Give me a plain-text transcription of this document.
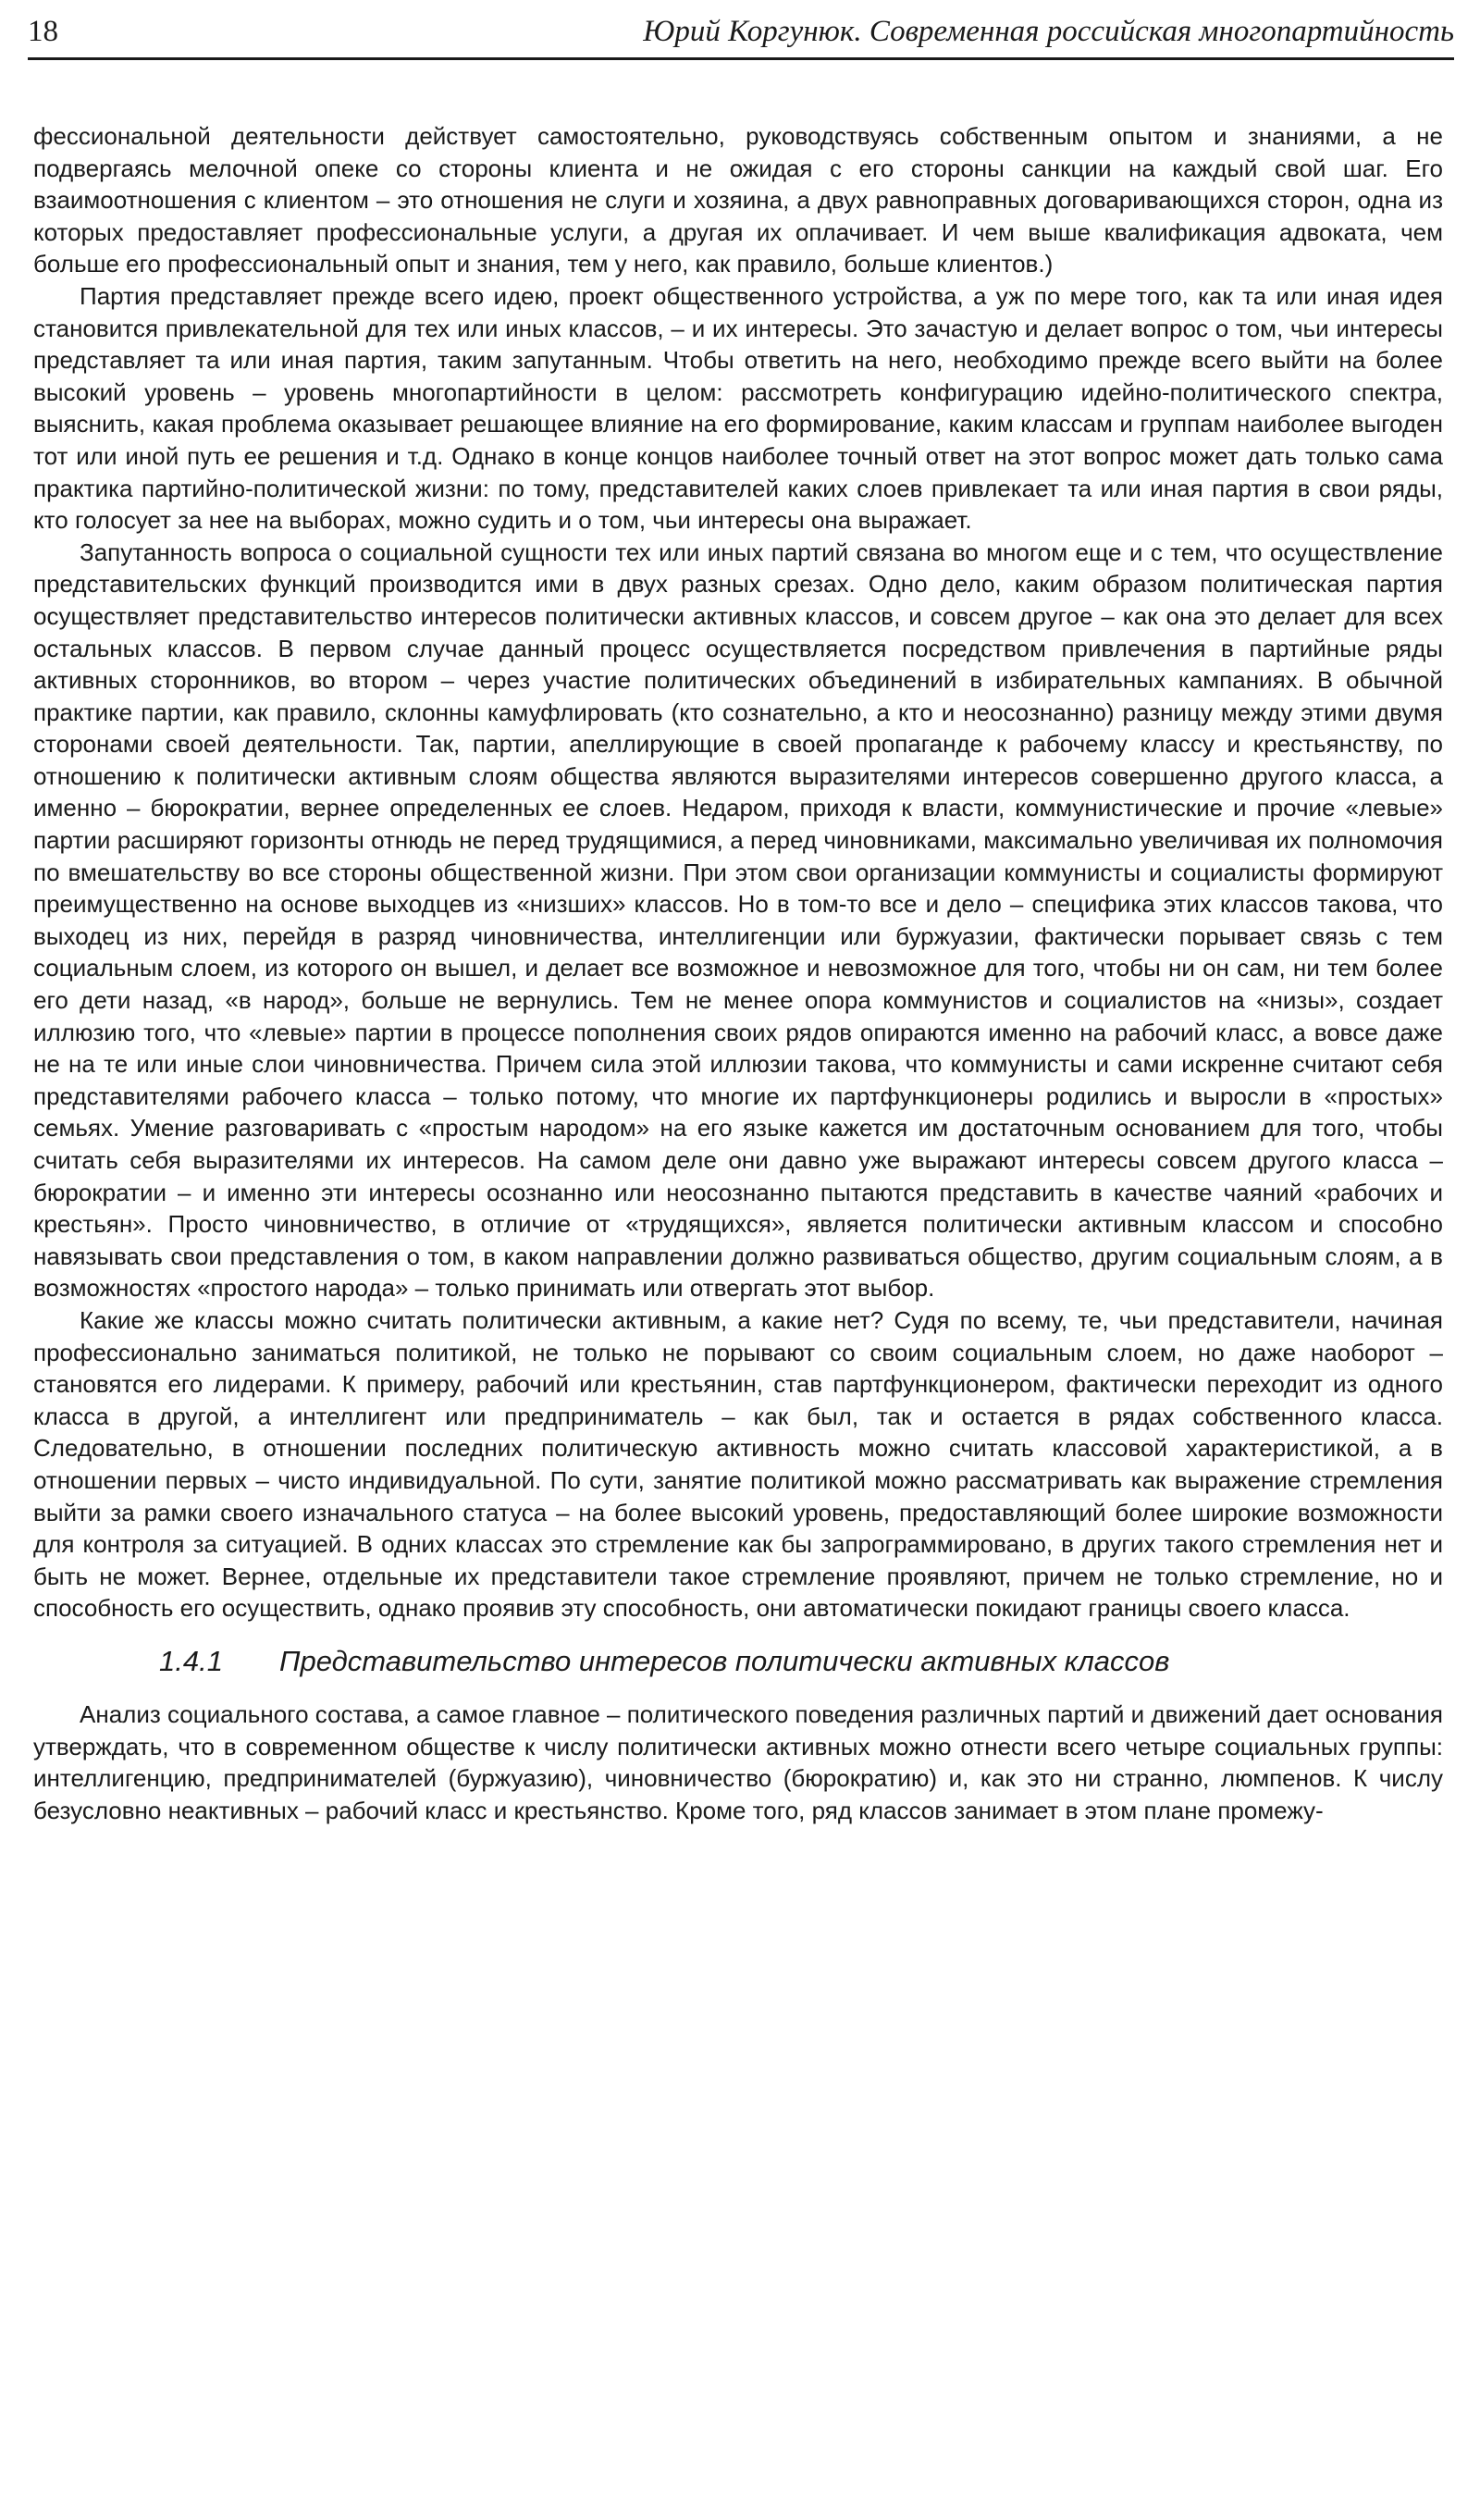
18	Юрий Коргунюк. Современная российская многопартийность

фессиональной деятельности действует самостоятельно, руководствуясь собственным опытом и знаниями, а не подвергаясь мелочной опеке со стороны клиента и не ожидая с его стороны санкции на каждый свой шаг. Его взаимоотношения с клиентом – это отношения не слуги и хозяина, а двух равноправных договаривающихся сторон, одна из которых предоставляет профессиональные услуги, а другая их оплачивает. И чем выше квалификация адвоката, чем больше его профессиональный опыт и знания, тем у него, как правило, больше клиентов.)

Партия представляет прежде всего идею, проект общественного устройства, а уж по мере того, как та или иная идея становится привлекательной для тех или иных классов, – и их интересы. Это зачастую и делает вопрос о том, чьи интересы представляет та или иная партия, таким запутанным. Чтобы ответить на него, необходимо прежде всего выйти на более высокий уровень – уровень многопартийности в целом: рассмотреть конфигурацию идейно-политического спектра, выяснить, какая проблема оказывает решающее влияние на его формирование, каким классам и группам наиболее выгоден тот или иной путь ее решения и т.д. Однако в конце концов наиболее точный ответ на этот вопрос может дать только сама практика партийно-политической жизни: по тому, представителей каких слоев привлекает та или иная партия в свои ряды, кто голосует за нее на выборах, можно судить и о том, чьи интересы она выражает.

Запутанность вопроса о социальной сущности тех или иных партий связана во многом еще и с тем, что осуществление представительских функций производится ими в двух разных срезах. Одно дело, каким образом политическая партия осуществляет представительство интересов политически активных классов, и совсем другое – как она это делает для всех остальных классов. В первом случае данный процесс осуществляется посредством привлечения в партийные ряды активных сторонников, во втором – через участие политических объединений в избирательных кампаниях. В обычной практике партии, как правило, склонны камуфлировать (кто сознательно, а кто и неосознанно) разницу между этими двумя сторонами своей деятельности. Так, партии, апеллирующие в своей пропаганде к рабочему классу и крестьянству, по отношению к политически активным слоям общества являются выразителями интересов совершенно другого класса, а именно – бюрократии, вернее определенных ее слоев. Недаром, приходя к власти, коммунистические и прочие «левые» партии расширяют горизонты отнюдь не перед трудящимися, а перед чиновниками, максимально увеличивая их полномочия по вмешательству во все стороны общественной жизни. При этом свои организации коммунисты и социалисты формируют преимущественно на основе выходцев из «низших» классов. Но в том-то все и дело – специфика этих классов такова, что выходец из них, перейдя в разряд чиновничества, интеллигенции или буржуазии, фактически порывает связь с тем социальным слоем, из которого он вышел, и делает все возможное и невозможное для того, чтобы ни он сам, ни тем более его дети назад, «в народ», больше не вернулись. Тем не менее опора коммунистов и социалистов на «низы», создает иллюзию того, что «левые» партии в процессе пополнения своих рядов опираются именно на рабочий класс, а вовсе даже не на те или иные слои чиновничества. Причем сила этой иллюзии такова, что коммунисты и сами искренне считают себя представителями рабочего класса – только потому, что многие их партфункционеры родились и выросли в «простых» семьях. Умение разговаривать с «простым народом» на его языке кажется им достаточным основанием для того, чтобы считать себя выразителями их интересов. На самом деле они давно уже выражают интересы совсем другого класса – бюрократии – и именно эти интересы осознанно или неосознанно пытаются представить в качестве чаяний «рабочих и крестьян». Просто чиновничество, в отличие от «трудящихся», является политически активным классом и способно навязывать свои представления о том, в каком направлении должно развиваться общество, другим социальным слоям, а в возможностях «простого народа» – только принимать или отвергать этот выбор.

Какие же классы можно считать политически активным, а какие нет? Судя по всему, те, чьи представители, начиная профессионально заниматься политикой, не только не порывают со своим социальным слоем, но даже наоборот – становятся его лидерами. К примеру, рабочий или крестьянин, став партфункционером, фактически переходит из одного класса в другой, а интеллигент или предприниматель – как был, так и остается в рядах собственного класса. Следовательно, в отношении последних политическую активность можно считать классовой характеристикой, а в отношении первых – чисто индивидуальной. По сути, занятие политикой можно рассматривать как выражение стремления выйти за рамки своего изначального статуса – на более высокий уровень, предоставляющий более широкие возможности для контроля за ситуацией. В одних классах это стремление как бы запрограммировано, в других такого стремления нет и быть не может. Вернее, отдельные их представители такое стремление проявляют, причем не только стремление, но и способность его осуществить, однако проявив эту способность, они автоматически покидают границы своего класса.

1.4.1 Представительство интересов политически активных классов

Анализ социального состава, а самое главное – политического поведения различных партий и движений дает основания утверждать, что в современном обществе к числу политически активных можно отнести всего четыре социальных группы: интеллигенцию, предпринимателей (буржуазию), чиновничество (бюрократию) и, как это ни странно, люмпенов. К числу безусловно неактивных – рабочий класс и крестьянство. Кроме того, ряд классов занимает в этом плане промежу-
